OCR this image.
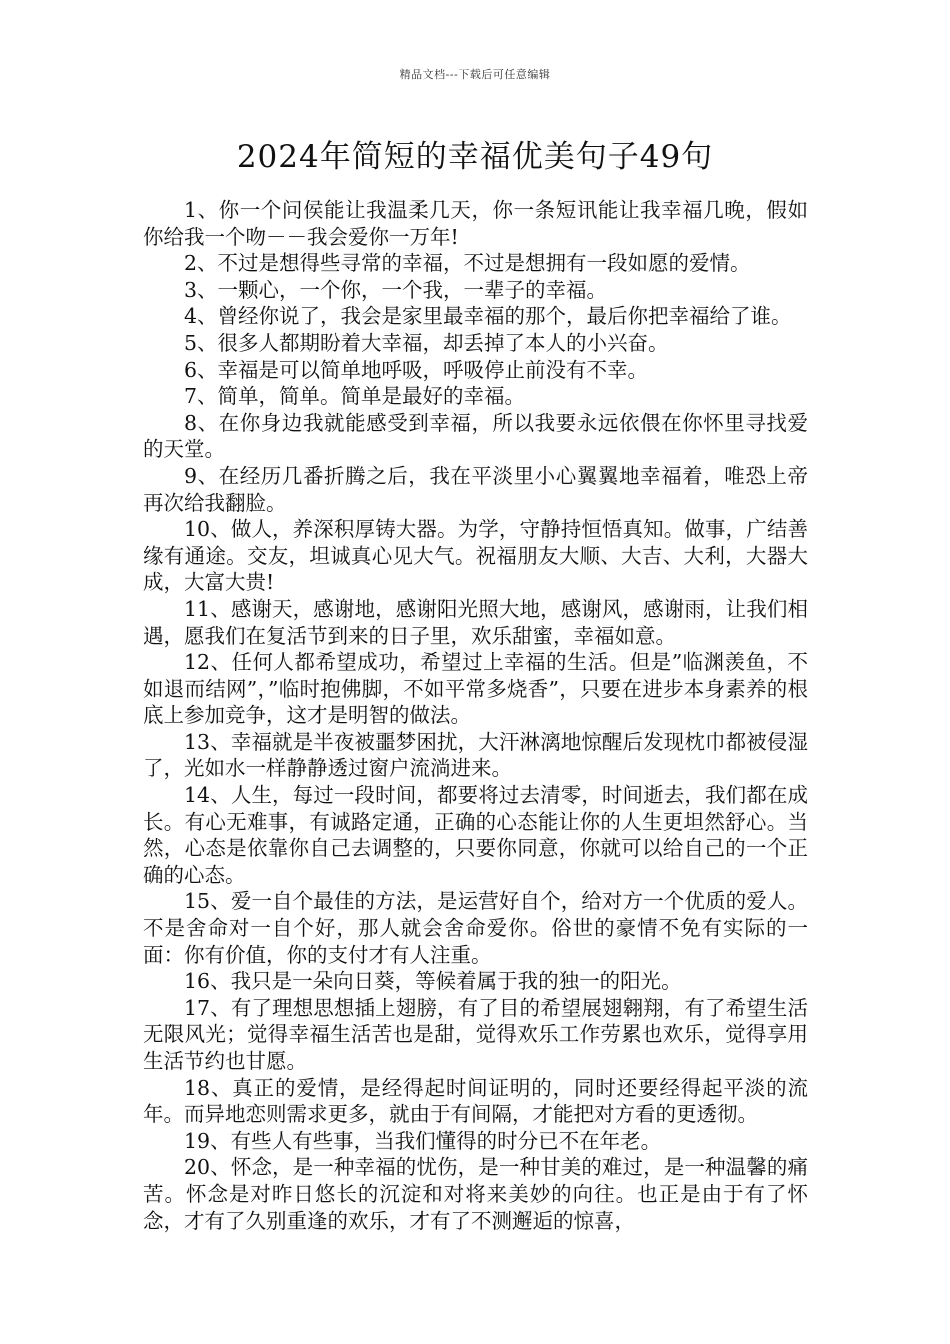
精品文档---下载后可任意编辑
2024年简短的幸福优美句子49句

1、你一个问侯能让我温柔几天，你一条短讯能让我幸福几晚，假如你给我一个吻－－我会爱你一万年!

2、不过是想得些寻常的幸福，不过是想拥有一段如愿的爱情。

3、一颗心，一个你，一个我，一辈子的幸福。

4、曾经你说了，我会是家里最幸福的那个，最后你把幸福给了谁。

5、很多人都期盼着大幸福，却丢掉了本人的小兴奋。

6、幸福是可以简单地呼吸，呼吸停止前没有不幸。

7、简单，简单。简单是最好的幸福。

8、在你身边我就能感受到幸福，所以我要永远依偎在你怀里寻找爱的天堂。

9、在经历几番折腾之后，我在平淡里小心翼翼地幸福着，唯恐上帝再次给我翻脸。

10、做人，养深积厚铸大器。为学，守静持恒悟真知。做事，广结善缘有通途。交友，坦诚真心见大气。祝福朋友大顺、大吉、大利，大器大成，大富大贵!

11、感谢天，感谢地，感谢阳光照大地，感谢风，感谢雨，让我们相遇，愿我们在复活节到来的日子里，欢乐甜蜜，幸福如意。

12、任何人都希望成功，希望过上幸福的生活。但是”临渊羡鱼，不如退而结网”，”临时抱佛脚，不如平常多烧香”，只要在进步本身素养的根底上参加竞争，这才是明智的做法。

13、幸福就是半夜被噩梦困扰，大汗淋漓地惊醒后发现枕巾都被侵湿了，光如水一样静静透过窗户流淌进来。

14、人生，每过一段时间，都要将过去清零，时间逝去，我们都在成长。有心无难事，有诚路定通，正确的心态能让你的人生更坦然舒心。当然，心态是依靠你自己去调整的，只要你同意，你就可以给自己的一个正确的心态。

15、爱一自个最佳的方法，是运营好自个，给对方一个优质的爱人。不是舍命对一自个好，那人就会舍命爱你。俗世的豪情不免有实际的一面：你有价值，你的支付才有人注重。

16、我只是一朵向日葵，等候着属于我的独一的阳光。

17、有了理想思想插上翅膀，有了目的希望展翅翱翔，有了希望生活无限风光；觉得幸福生活苦也是甜，觉得欢乐工作劳累也欢乐，觉得享用生活节约也甘愿。

18、真正的爱情，是经得起时间证明的，同时还要经得起平淡的流年。而异地恋则需求更多，就由于有间隔，才能把对方看的更透彻。

19、有些人有些事，当我们懂得的时分已不在年老。

20、怀念，是一种幸福的忧伤，是一种甘美的难过，是一种温馨的痛苦。怀念是对昨日悠长的沉淀和对将来美妙的向往。也正是由于有了怀念，才有了久别重逢的欢乐，才有了不测邂逅的惊喜，
